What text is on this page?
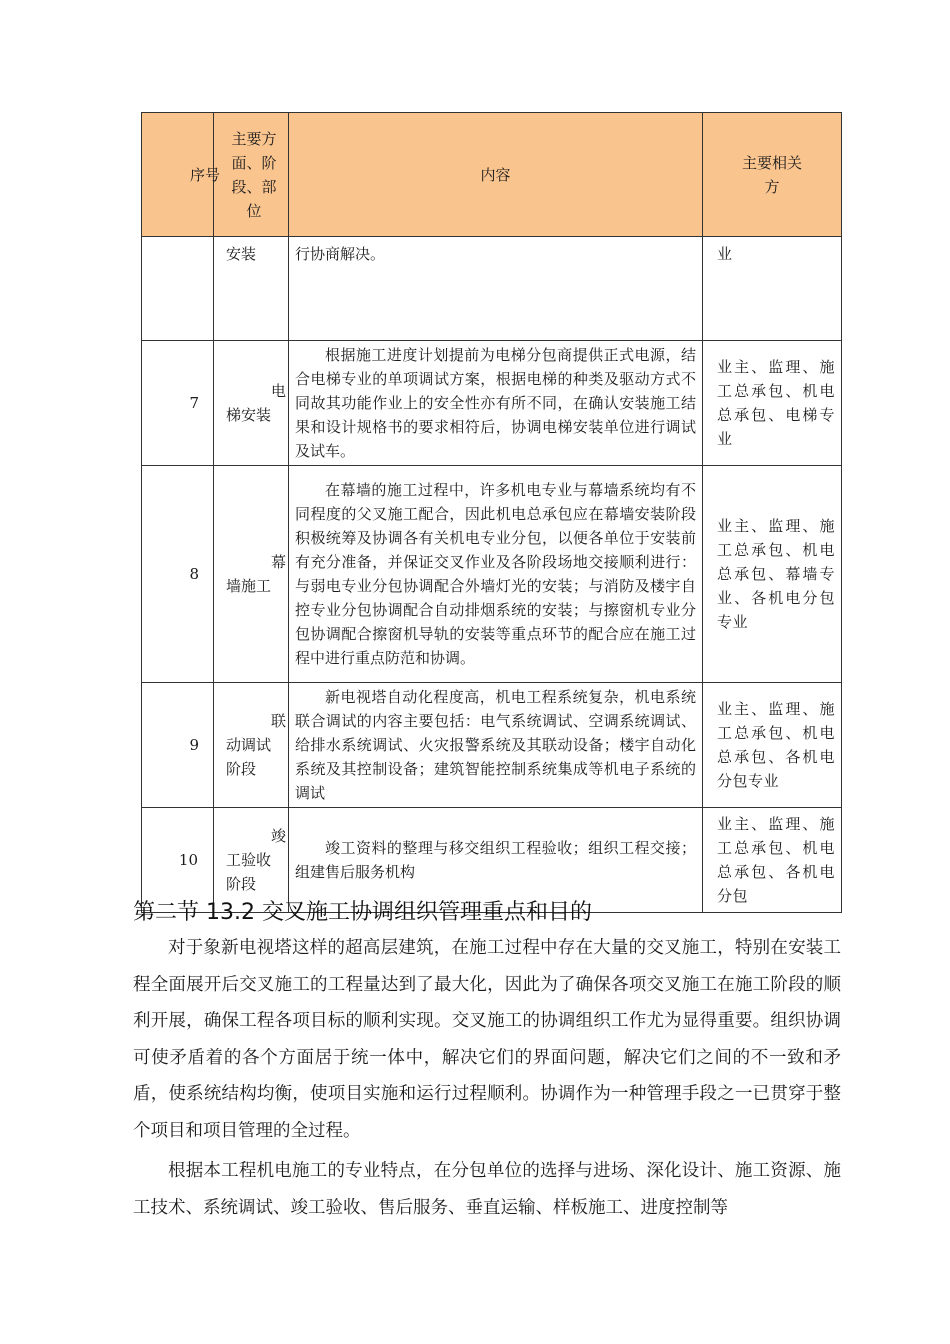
序号	主要方面、阶段、部位	内容	主要相关方

	安装	行协商解决。	业

7	电梯安装	根据施工进度计划提前为电梯分包商提供正式电源，结合电梯专业的单项调试方案，根据电梯的种类及驱动方式不同故其功能作业上的安全性亦有所不同，在确认安装施工结果和设计规格书的要求相符后，协调电梯安装单位进行调试及试车。	业主、监理、施工总承包、机电总承包、电梯专业

8	幕墙施工	在幕墙的施工过程中，许多机电专业与幕墙系统均有不同程度的父叉施工配合，因此机电总承包应在幕墙安装阶段积极统筹及协调各有关机电专业分包，以便各单位于安装前有充分准备，并保证交叉作业及各阶段场地交接顺利进行：与弱电专业分包协调配合外墙灯光的安装；与消防及楼宇自控专业分包协调配合自动排烟系统的安装；与擦窗机专业分包协调配合擦窗机导轨的安装等重点环节的配合应在施工过程中进行重点防范和协调。	业主、监理、施工总承包、机电总承包、幕墙专业、各机电分包专业

9	联动调试阶段	新电视塔自动化程度高，机电工程系统复杂，机电系统联合调试的内容主要包括：电气系统调试、空调系统调试、给排水系统调试、火灾报警系统及其联动设备；楼宇自动化系统及其控制设备；建筑智能控制系统集成等机电子系统的调试	业主、监理、施工总承包、机电总承包、各机电分包专业

10	竣工验收阶段	竣工资料的整理与移交组织工程验收；组织工程交接；组建售后服务机构	业主、监理、施工总承包、机电总承包、各机电分包
第二节 13.2 交叉施工协调组织管理重点和目的
对于象新电视塔这样的超高层建筑，在施工过程中存在大量的交叉施工，特别在安装工程全面展开后交叉施工的工程量达到了最大化，因此为了确保各项交叉施工在施工阶段的顺利开展，确保工程各项目标的顺利实现。交叉施工的协调组织工作尤为显得重要。组织协调可使矛盾着的各个方面居于统一体中，解决它们的界面问题，解决它们之间的不一致和矛盾，使系统结构均衡，使项目实施和运行过程顺利。协调作为一种管理手段之一已贯穿于整个项目和项目管理的全过程。
根据本工程机电施工的专业特点，在分包单位的选择与进场、深化设计、施工资源、施工技术、系统调试、竣工验收、售后服务、垂直运输、样板施工、进度控制等
